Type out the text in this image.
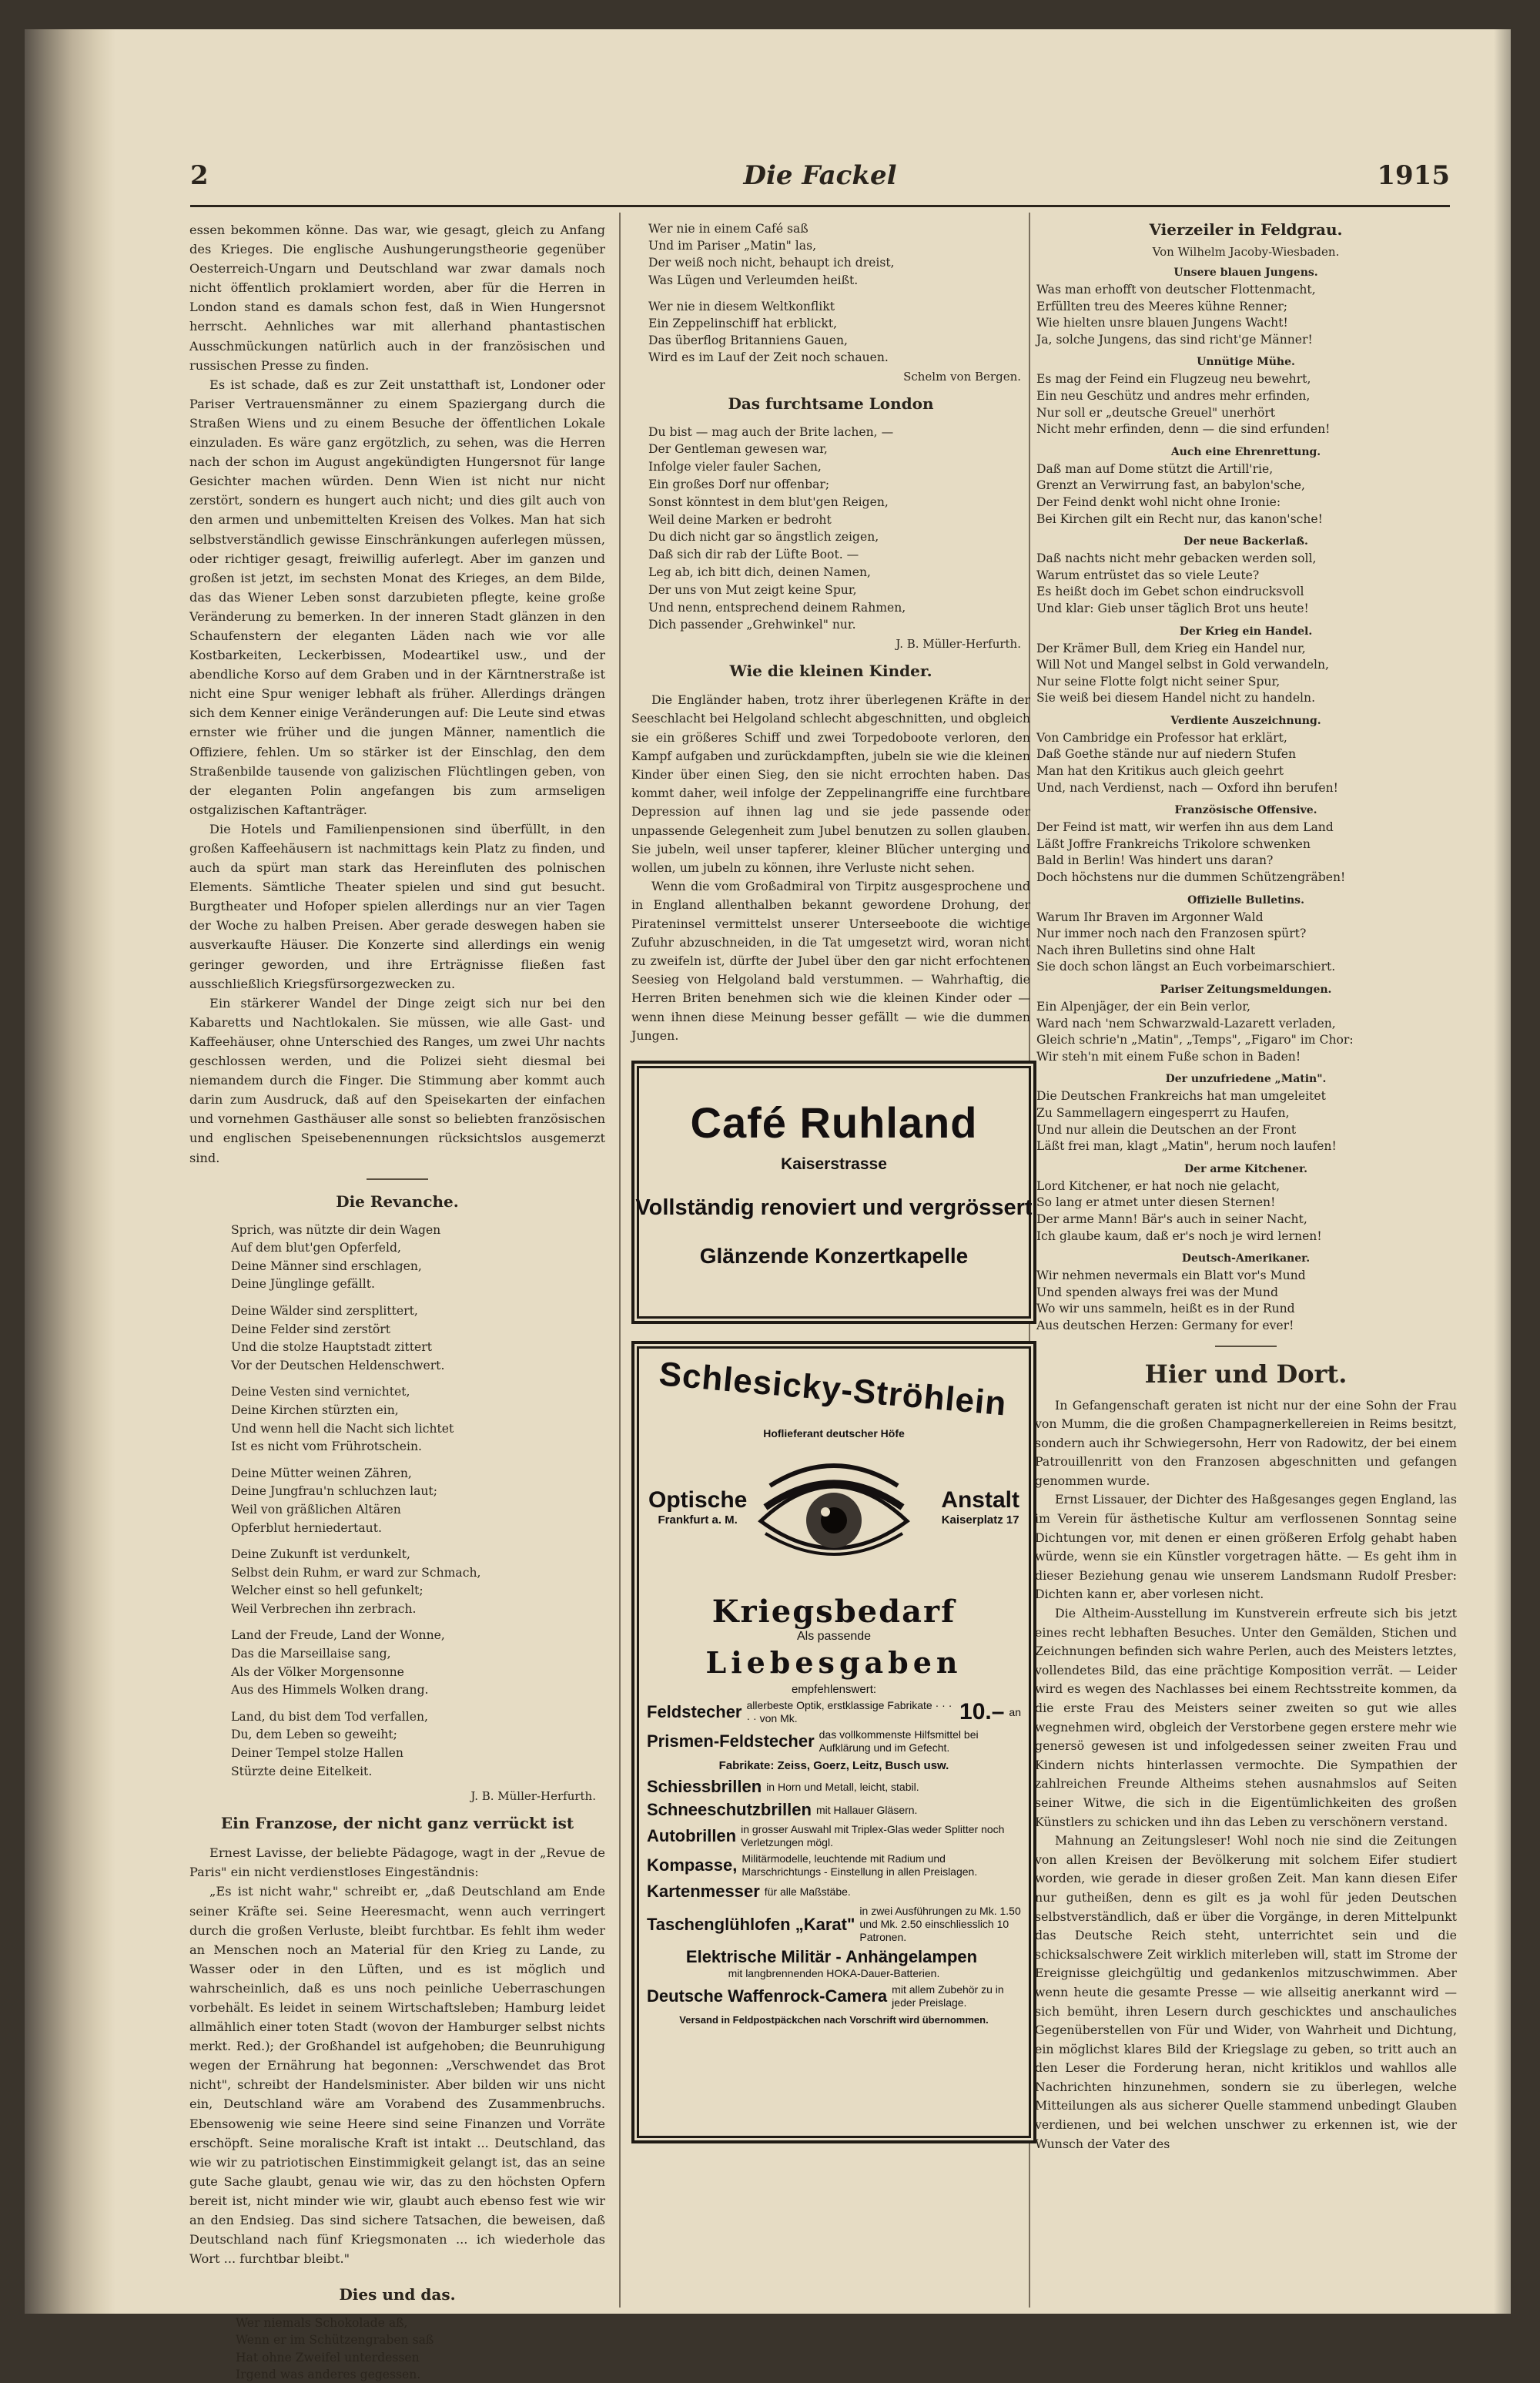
2	Die Fackel	1915

essen bekommen könne. Das war, wie gesagt, gleich zu Anfang des Krieges. Die englische Aushungerungstheorie gegenüber Oesterreich-Ungarn und Deutschland war zwar damals noch nicht öffentlich proklamiert worden, aber für die Herren in London stand es damals schon fest, daß in Wien Hungersnot herrscht. Aehnliches war mit allerhand phantastischen Ausschmückungen natürlich auch in der französischen und russischen Presse zu finden.

Es ist schade, daß es zur Zeit unstatthaft ist, Londoner oder Pariser Vertrauensmänner zu einem Spaziergang durch die Straßen Wiens und zu einem Besuche der öffentlichen Lokale einzuladen. Es wäre ganz ergötzlich, zu sehen, was die Herren nach der schon im August angekündigten Hungersnot für lange Gesichter machen würden. Denn Wien ist nicht nur nicht zerstört, sondern es hungert auch nicht; und dies gilt auch von den armen und unbemittelten Kreisen des Volkes. Man hat sich selbstverständlich gewisse Einschränkungen auferlegen müssen, oder richtiger gesagt, freiwillig auferlegt. Aber im ganzen und großen ist jetzt, im sechsten Monat des Krieges, an dem Bilde, das das Wiener Leben sonst darzubieten pflegte, keine große Veränderung zu bemerken. In der inneren Stadt glänzen in den Schaufenstern der eleganten Läden nach wie vor alle Kostbarkeiten, Leckerbissen, Modeartikel usw., und der abendliche Korso auf dem Graben und in der Kärntnerstraße ist nicht eine Spur weniger lebhaft als früher. Allerdings drängen sich dem Kenner einige Veränderungen auf: Die Leute sind etwas ernster wie früher und die jungen Männer, namentlich die Offiziere, fehlen. Um so stärker ist der Einschlag, den dem Straßenbilde tausende von galizischen Flüchtlingen geben, von der eleganten Polin angefangen bis zum armseligen ostgalizischen Kaftanträger.

Die Hotels und Familienpensionen sind überfüllt, in den großen Kaffeehäusern ist nachmittags kein Platz zu finden, und auch da spürt man stark das Hereinfluten des polnischen Elements. Sämtliche Theater spielen und sind gut besucht. Burgtheater und Hofoper spielen allerdings nur an vier Tagen der Woche zu halben Preisen. Aber gerade deswegen haben sie ausverkaufte Häuser. Die Konzerte sind allerdings ein wenig geringer geworden, und ihre Erträgnisse fließen fast ausschließlich Kriegsfürsorgezwecken zu.

Ein stärkerer Wandel der Dinge zeigt sich nur bei den Kabaretts und Nachtlokalen. Sie müssen, wie alle Gast- und Kaffeehäuser, ohne Unterschied des Ranges, um zwei Uhr nachts geschlossen werden, und die Polizei sieht diesmal bei niemandem durch die Finger. Die Stimmung aber kommt auch darin zum Ausdruck, daß auf den Speisekarten der einfachen und vornehmen Gasthäuser alle sonst so beliebten französischen und englischen Speisebenennungen rücksichtslos ausgemerzt sind.

Die Revanche.
Sprich, was nützte dir dein Wagen
Auf dem blut'gen Opferfeld,
Deine Männer sind erschlagen,
Deine Jünglinge gefällt.
Deine Wälder sind zersplittert,
Deine Felder sind zerstört
Und die stolze Hauptstadt zittert
Vor der Deutschen Heldenschwert.
Deine Vesten sind vernichtet,
Deine Kirchen stürzten ein,
Und wenn hell die Nacht sich lichtet
Ist es nicht vom Frührotschein.
Deine Mütter weinen Zähren,
Deine Jungfrau'n schluchzen laut;
Weil von gräßlichen Altären
Opferblut herniedertaut.
Deine Zukunft ist verdunkelt,
Selbst dein Ruhm, er ward zur Schmach,
Welcher einst so hell gefunkelt;
Weil Verbrechen ihn zerbrach.
Land der Freude, Land der Wonne,
Das die Marseillaise sang,
Als der Völker Morgensonne
Aus des Himmels Wolken drang.
Land, du bist dem Tod verfallen,
Du, dem Leben so geweiht;
Deiner Tempel stolze Hallen
Stürzte deine Eitelkeit.
J. B. Müller-Herfurth.
Ein Franzose, der nicht ganz verrückt ist

Ernest Lavisse, der beliebte Pädagoge, wagt in der „Revue de Paris" ein nicht verdienstloses Eingeständnis:

„Es ist nicht wahr," schreibt er, „daß Deutschland am Ende seiner Kräfte sei. Seine Heeresmacht, wenn auch verringert durch die großen Verluste, bleibt furchtbar. Es fehlt ihm weder an Menschen noch an Material für den Krieg zu Lande, zu Wasser oder in den Lüften, und es ist möglich und wahrscheinlich, daß es uns noch peinliche Ueberraschungen vorbehält. Es leidet in seinem Wirtschaftsleben; Hamburg leidet allmählich einer toten Stadt (wovon der Hamburger selbst nichts merkt. Red.); der Großhandel ist aufgehoben; die Beunruhigung wegen der Ernährung hat begonnen: „Verschwendet das Brot nicht", schreibt der Handelsminister. Aber bilden wir uns nicht ein, Deutschland wäre am Vorabend des Zusammenbruchs. Ebensowenig wie seine Heere sind seine Finanzen und Vorräte erschöpft. Seine moralische Kraft ist intakt ... Deutschland, das wie wir zu patriotischen Einstimmigkeit gelangt ist, das an seine gute Sache glaubt, genau wie wir, das zu den höchsten Opfern bereit ist, nicht minder wie wir, glaubt auch ebenso fest wie wir an den Endsieg. Das sind sichere Tatsachen, die beweisen, daß Deutschland nach fünf Kriegsmonaten ... ich wiederhole das Wort ... furchtbar bleibt."

Dies und das.
Wer niemals Schokolade aß,
Wenn er im Schützengraben saß
Hat ohne Zweifel unterdessen
Irgend was anderes gegessen.
Wer nie in einem Café saß
Und im Pariser „Matin" las,
Der weiß noch nicht, behaupt ich dreist,
Was Lügen und Verleumden heißt.
Wer nie in diesem Weltkonflikt
Ein Zeppelinschiff hat erblickt,
Das überflog Britanniens Gauen,
Wird es im Lauf der Zeit noch schauen.
Schelm von Bergen.
Das furchtsame London
Du bist — mag auch der Brite lachen, —
Der Gentleman gewesen war,
Infolge vieler fauler Sachen,
Ein großes Dorf nur offenbar;
Sonst könntest in dem blut'gen Reigen,
Weil deine Marken er bedroht
Du dich nicht gar so ängstlich zeigen,
Daß sich dir rab der Lüfte Boot. —
Leg ab, ich bitt dich, deinen Namen,
Der uns von Mut zeigt keine Spur,
Und nenn, entsprechend deinem Rahmen,
Dich passender „Grehwinkel" nur.
J. B. Müller-Herfurth.
Wie die kleinen Kinder.

Die Engländer haben, trotz ihrer überlegenen Kräfte in der Seeschlacht bei Helgoland schlecht abgeschnitten, und obgleich sie ein größeres Schiff und zwei Torpedoboote verloren, den Kampf aufgaben und zurückdampften, jubeln sie wie die kleinen Kinder über einen Sieg, den sie nicht errochten haben. Das kommt daher, weil infolge der Zeppelinangriffe eine furchtbare Depression auf ihnen lag und sie jede passende oder unpassende Gelegenheit zum Jubel benutzen zu sollen glauben. Sie jubeln, weil unser tapferer, kleiner Blücher unterging und wollen, um jubeln zu können, ihre Verluste nicht sehen.

Wenn die vom Großadmiral von Tirpitz ausgesprochene und in England allenthalben bekannt gewordene Drohung, der Pirateninsel vermittelst unserer Unterseeboote die wichtige Zufuhr abzuschneiden, in die Tat umgesetzt wird, woran nicht zu zweifeln ist, dürfte der Jubel über den gar nicht erfochtenen Seesieg von Helgoland bald verstummen. — Wahrhaftig, die Herren Briten benehmen sich wie die kleinen Kinder oder — wenn ihnen diese Meinung besser gefällt — wie die dummen Jungen.

Café Ruhland
Kaiserstrasse
Vollständig renoviert und vergrössert
Glänzende Konzertkapelle
Schlesicky-Ströhlein
Hoflieferant deutscher Höfe
Optische
Frankfurt a. M.
Anstalt
Kaiserplatz 17
Kriegsbedarf
Als passende
Liebesgaben
empfehlenswert:
Feldstecher allerbeste Optik, erstklassige Fabrikate · · · · · von Mk.	10.– an
Prismen-Feldstecher das vollkommenste Hilfsmittel bei Aufklärung und im Gefecht.
Fabrikate: Zeiss, Goerz, Leitz, Busch usw.
Schiessbrillen in Horn und Metall, leicht, stabil.
Schneeschutzbrillen mit Hallauer Gläsern.
Autobrillen in grosser Auswahl mit Triplex-Glas weder Splitter noch Verletzungen mögl.
Kompasse, Militärmodelle, leuchtende mit Radium und Marschrichtungs - Einstellung in allen Preislagen.
Kartenmesser für alle Maßstäbe.
Taschenglühlofen „Karat"
in zwei Ausführungen zu Mk. 1.50 und Mk. 2.50 einschliesslich 10 Patronen.
Elektrische Militär - Anhängelampen
mit langbrennenden HOKA-Dauer-Batterien.
Deutsche Waffenrock-Camera mit allem Zubehör zu in jeder Preislage.
Versand in Feldpostpäckchen nach Vorschrift wird übernommen.
Vierzeiler in Feldgrau.
Von Wilhelm Jacoby-Wiesbaden.
Unsere blauen Jungens.
Was man erhofft von deutscher Flottenmacht,
Erfüllten treu des Meeres kühne Renner;
Wie hielten unsre blauen Jungens Wacht!
Ja, solche Jungens, das sind richt'ge Männer!
Unnütige Mühe.
Es mag der Feind ein Flugzeug neu bewehrt,
Ein neu Geschütz und andres mehr erfinden,
Nur soll er „deutsche Greuel" unerhört
Nicht mehr erfinden, denn — die sind erfunden!
Auch eine Ehrenrettung.
Daß man auf Dome stützt die Artill'rie,
Grenzt an Verwirrung fast, an babylon'sche,
Der Feind denkt wohl nicht ohne Ironie:
Bei Kirchen gilt ein Recht nur, das kanon'sche!
Der neue Backerlaß.
Daß nachts nicht mehr gebacken werden soll,
Warum entrüstet das so viele Leute?
Es heißt doch im Gebet schon eindrucksvoll
Und klar: Gieb unser täglich Brot uns heute!
Der Krieg ein Handel.
Der Krämer Bull, dem Krieg ein Handel nur,
Will Not und Mangel selbst in Gold verwandeln,
Nur seine Flotte folgt nicht seiner Spur,
Sie weiß bei diesem Handel nicht zu handeln.
Verdiente Auszeichnung.
Von Cambridge ein Professor hat erklärt,
Daß Goethe stände nur auf niedern Stufen
Man hat den Kritikus auch gleich geehrt
Und, nach Verdienst, nach — Oxford ihn berufen!
Französische Offensive.
Der Feind ist matt, wir werfen ihn aus dem Land
Läßt Joffre Frankreichs Trikolore schwenken
Bald in Berlin! Was hindert uns daran?
Doch höchstens nur die dummen Schützengräben!
Offizielle Bulletins.
Warum Ihr Braven im Argonner Wald
Nur immer noch nach den Franzosen spürt?
Nach ihren Bulletins sind ohne Halt
Sie doch schon längst an Euch vorbeimarschiert.
Pariser Zeitungsmeldungen.
Ein Alpenjäger, der ein Bein verlor,
Ward nach 'nem Schwarzwald-Lazarett verladen,
Gleich schrie'n „Matin", „Temps", „Figaro" im Chor:
Wir steh'n mit einem Fuße schon in Baden!
Der unzufriedene „Matin".
Die Deutschen Frankreichs hat man umgeleitet
Zu Sammellagern eingesperrt zu Haufen,
Und nur allein die Deutschen an der Front
Läßt frei man, klagt „Matin", herum noch laufen!
Der arme Kitchener.
Lord Kitchener, er hat noch nie gelacht,
So lang er atmet unter diesen Sternen!
Der arme Mann! Bär's auch in seiner Nacht,
Ich glaube kaum, daß er's noch je wird lernen!
Deutsch-Amerikaner.
Wir nehmen nevermals ein Blatt vor's Mund
Und spenden always frei was der Mund
Wo wir uns sammeln, heißt es in der Rund
Aus deutschen Herzen: Germany for ever!
Hier und Dort.

In Gefangenschaft geraten ist nicht nur der eine Sohn der Frau von Mumm, die die großen Champagnerkellereien in Reims besitzt, sondern auch ihr Schwiegersohn, Herr von Radowitz, der bei einem Patrouillenritt von den Franzosen abgeschnitten und gefangen genommen wurde.

Ernst Lissauer, der Dichter des Haßgesanges gegen England, las im Verein für ästhetische Kultur am verflossenen Sonntag seine Dichtungen vor, mit denen er einen größeren Erfolg gehabt haben würde, wenn sie ein Künstler vorgetragen hätte. — Es geht ihm in dieser Beziehung genau wie unserem Landsmann Rudolf Presber: Dichten kann er, aber vorlesen nicht.

Die Altheim-Ausstellung im Kunstverein erfreute sich bis jetzt eines recht lebhaften Besuches. Unter den Gemälden, Stichen und Zeichnungen befinden sich wahre Perlen, auch des Meisters letztes, vollendetes Bild, das eine prächtige Komposition verrät. — Leider wird es wegen des Nachlasses bei einem Rechtsstreite kommen, da die erste Frau des Meisters seiner zweiten so gut wie alles wegnehmen wird, obgleich der Verstorbene gegen erstere mehr wie genersö gewesen ist und infolgedessen seiner zweiten Frau und Kindern nichts hinterlassen vermochte. Die Sympathien der zahlreichen Freunde Altheims stehen ausnahmslos auf Seiten seiner Witwe, die sich in die Eigentümlichkeiten des großen Künstlers zu schicken und ihn das Leben zu verschönern verstand.

Mahnung an Zeitungsleser! Wohl noch nie sind die Zeitungen von allen Kreisen der Bevölkerung mit solchem Eifer studiert worden, wie gerade in dieser großen Zeit. Man kann diesen Eifer nur gutheißen, denn es gilt es ja wohl für jeden Deutschen selbstverständlich, daß er über die Vorgänge, in deren Mittelpunkt das Deutsche Reich steht, unterrichtet sein und die schicksalschwere Zeit wirklich miterleben will, statt im Strome der Ereignisse gleichgültig und gedankenlos mitzuschwimmen. Aber wenn heute die gesamte Presse — wie allseitig anerkannt wird — sich bemüht, ihren Lesern durch geschicktes und anschauliches Gegenüberstellen von Für und Wider, von Wahrheit und Dichtung, ein möglichst klares Bild der Kriegslage zu geben, so tritt auch an den Leser die Forderung heran, nicht kritiklos und wahllos alle Nachrichten hinzunehmen, sondern sie zu überlegen, welche Mitteilungen als aus sicherer Quelle stammend unbedingt Glauben verdienen, und bei welchen unschwer zu erkennen ist, wie der Wunsch der Vater des
